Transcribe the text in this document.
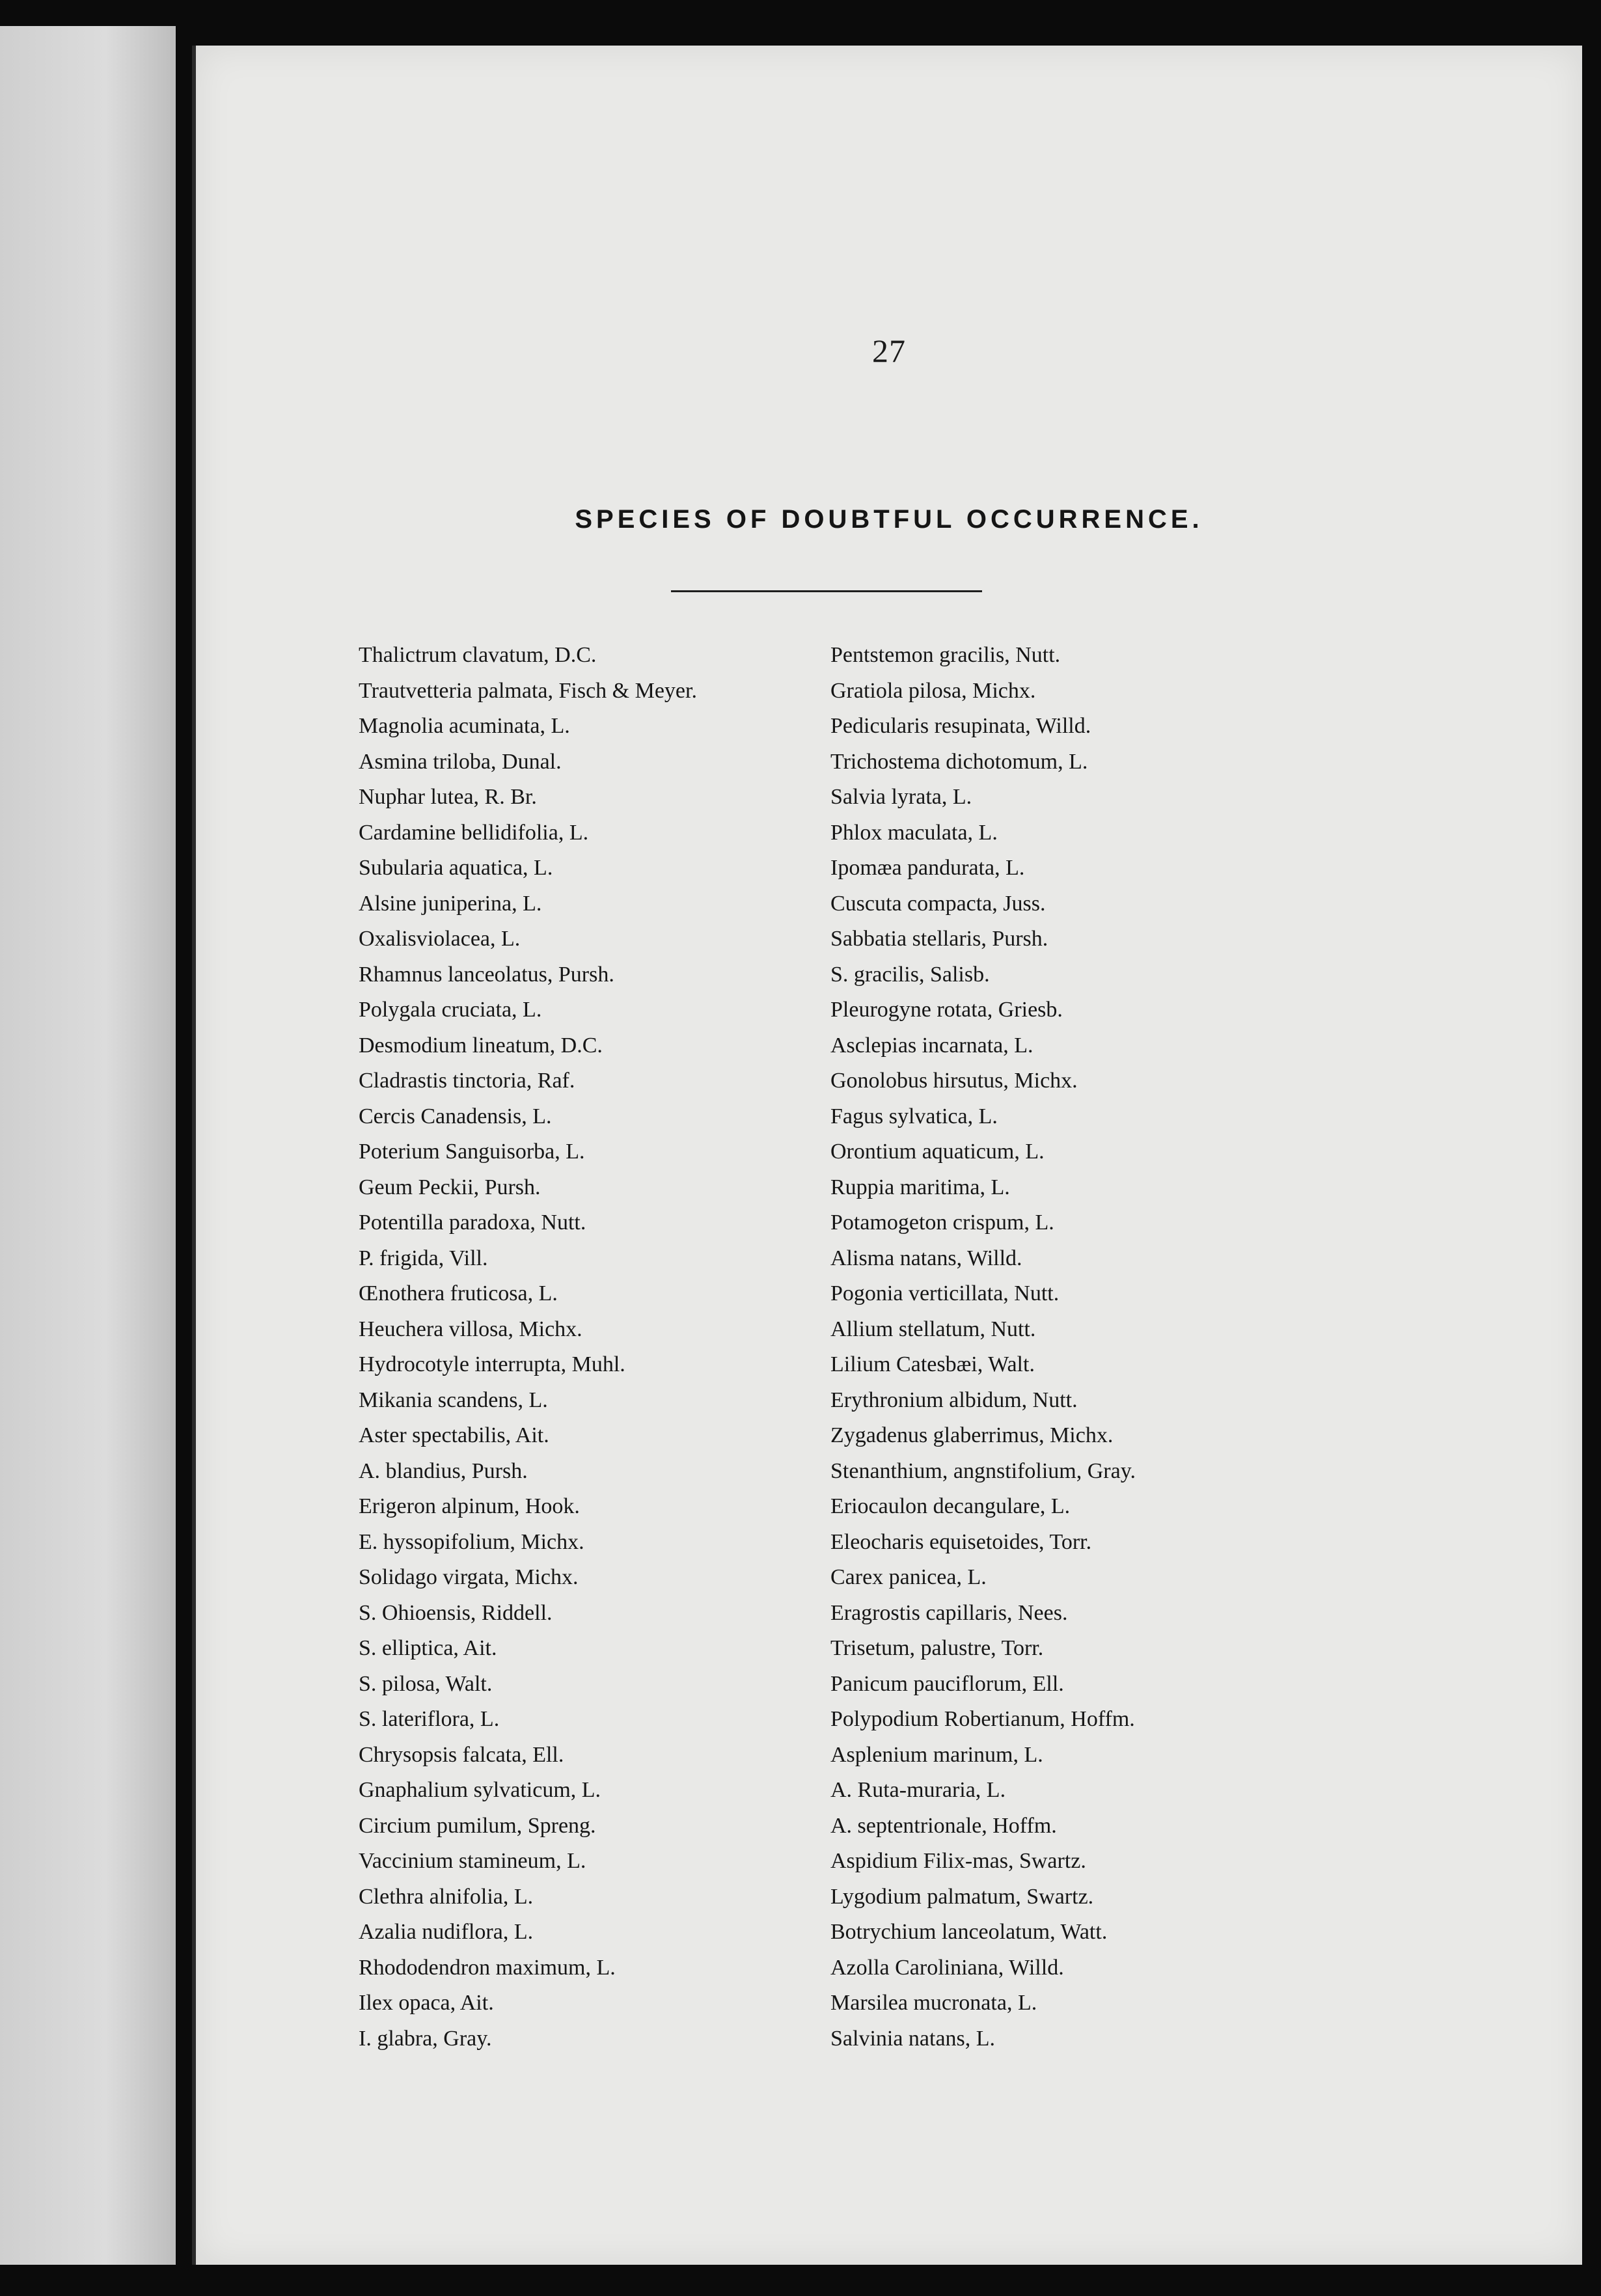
27
SPECIES OF DOUBTFUL OCCURRENCE.
Thalictrum clavatum, D.C.
Trautvetteria palmata, Fisch & Meyer.
Magnolia acuminata, L.
Asmina triloba, Dunal.
Nuphar lutea, R. Br.
Cardamine bellidifolia, L.
Subularia aquatica, L.
Alsine juniperina, L.
Oxalisviolacea, L.
Rhamnus lanceolatus, Pursh.
Polygala cruciata, L.
Desmodium lineatum, D.C.
Cladrastis tinctoria, Raf.
Cercis Canadensis, L.
Poterium Sanguisorba, L.
Geum Peckii, Pursh.
Potentilla paradoxa, Nutt.
P. frigida, Vill.
Œnothera fruticosa, L.
Heuchera villosa, Michx.
Hydrocotyle interrupta, Muhl.
Mikania scandens, L.
Aster spectabilis, Ait.
A. blandius, Pursh.
Erigeron alpinum, Hook.
E. hyssopifolium, Michx.
Solidago virgata, Michx.
S. Ohioensis, Riddell.
S. elliptica, Ait.
S. pilosa, Walt.
S. lateriflora, L.
Chrysopsis falcata, Ell.
Gnaphalium sylvaticum, L.
Circium pumilum, Spreng.
Vaccinium stamineum, L.
Clethra alnifolia, L.
Azalia nudiflora, L.
Rhododendron maximum, L.
Ilex opaca, Ait.
I. glabra, Gray.
Pentstemon gracilis, Nutt.
Gratiola pilosa, Michx.
Pedicularis resupinata, Willd.
Trichostema dichotomum, L.
Salvia lyrata, L.
Phlox maculata, L.
Ipomæa pandurata, L.
Cuscuta compacta, Juss.
Sabbatia stellaris, Pursh.
S. gracilis, Salisb.
Pleurogyne rotata, Griesb.
Asclepias incarnata, L.
Gonolobus hirsutus, Michx.
Fagus sylvatica, L.
Orontium aquaticum, L.
Ruppia maritima, L.
Potamogeton crispum, L.
Alisma natans, Willd.
Pogonia verticillata, Nutt.
Allium stellatum, Nutt.
Lilium Catesbæi, Walt.
Erythronium albidum, Nutt.
Zygadenus glaberrimus, Michx.
Stenanthium, angnstifolium, Gray.
Eriocaulon decangulare, L.
Eleocharis equisetoides, Torr.
Carex panicea, L.
Eragrostis capillaris, Nees.
Trisetum, palustre, Torr.
Panicum pauciflorum, Ell.
Polypodium Robertianum, Hoffm.
Asplenium marinum, L.
A. Ruta-muraria, L.
A. septentrionale, Hoffm.
Aspidium Filix-mas, Swartz.
Lygodium palmatum, Swartz.
Botrychium lanceolatum, Watt.
Azolla Caroliniana, Willd.
Marsilea mucronata, L.
Salvinia natans, L.
